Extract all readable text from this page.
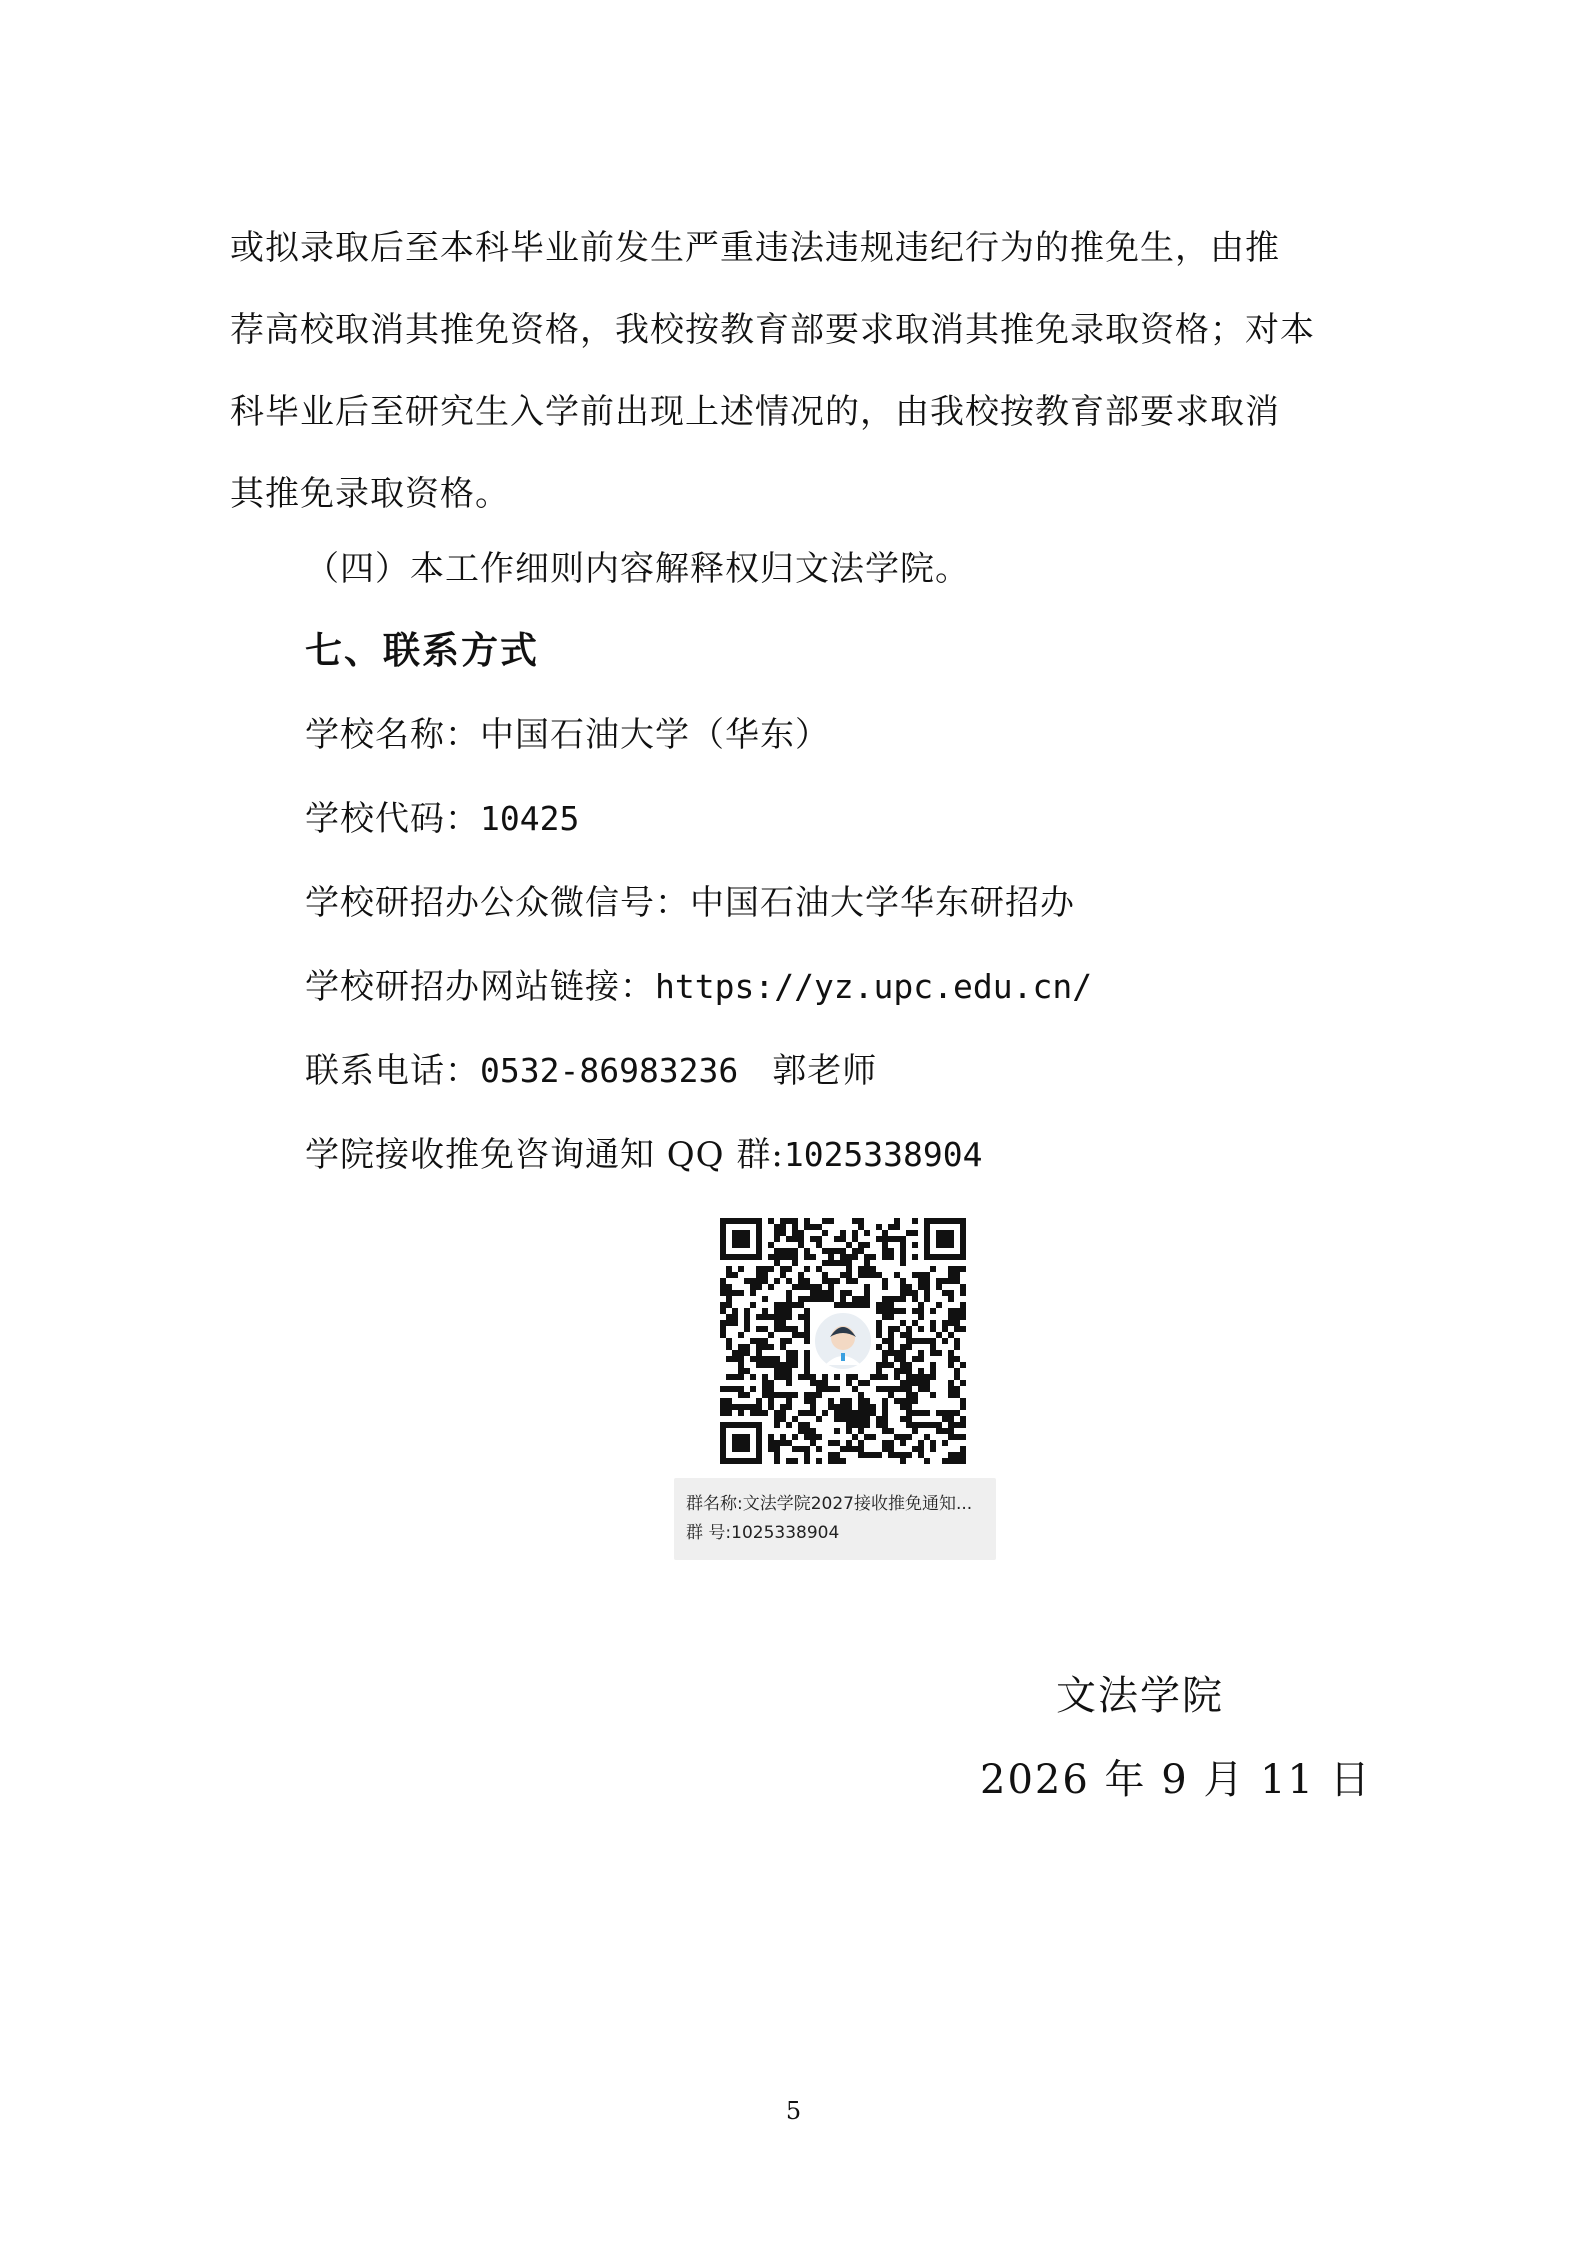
或拟录取后至本科毕业前发生严重违法违规违纪行为的推免生，由推
荐高校取消其推免资格，我校按教育部要求取消其推免录取资格；对本
科毕业后至研究生入学前出现上述情况的，由我校按教育部要求取消
其推免录取资格。
（四）本工作细则内容解释权归文法学院。
七、联系方式
学校名称：中国石油大学（华东）
学校代码：10425
学校研招办公众微信号：中国石油大学华东研招办
学校研招办网站链接：https://yz.upc.edu.cn/
联系电话：0532-86983236 郭老师
学院接收推免咨询通知 QQ 群:1025338904
群名称:文法学院2027接收推免通知...
群 号:1025338904
文法学院
2026 年 9 月 11 日
5
